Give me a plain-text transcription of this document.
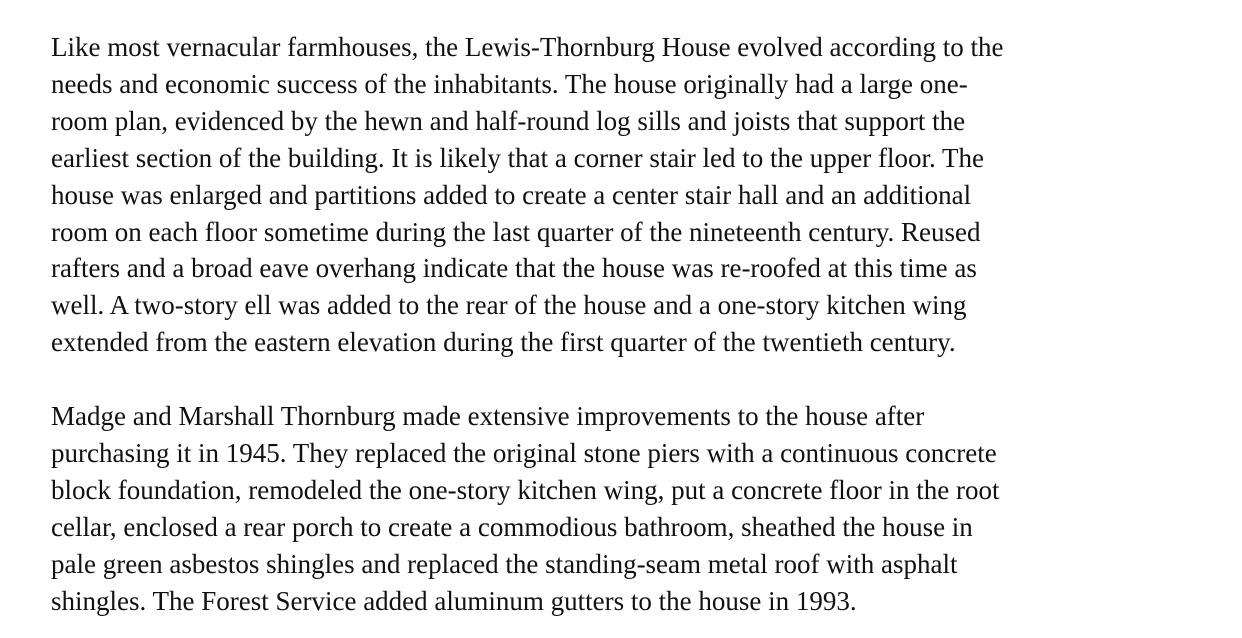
Like most vernacular farmhouses, the Lewis-Thornburg House evolved according to the
needs and economic success of the inhabitants. The house originally had a large one-
room plan, evidenced by the hewn and half-round log sills and joists that support the
earliest section of the building. It is likely that a corner stair led to the upper floor. The
house was enlarged and partitions added to create a center stair hall and an additional
room on each floor sometime during the last quarter of the nineteenth century. Reused
rafters and a broad eave overhang indicate that the house was re-roofed at this time as
well. A two-story ell was added to the rear of the house and a one-story kitchen wing
extended from the eastern elevation during the first quarter of the twentieth century.

Madge and Marshall Thornburg made extensive improvements to the house after
purchasing it in 1945. They replaced the original stone piers with a continuous concrete
block foundation, remodeled the one-story kitchen wing, put a concrete floor in the root
cellar, enclosed a rear porch to create a commodious bathroom, sheathed the house in
pale green asbestos shingles and replaced the standing-seam metal roof with asphalt
shingles. The Forest Service added aluminum gutters to the house in 1993.
